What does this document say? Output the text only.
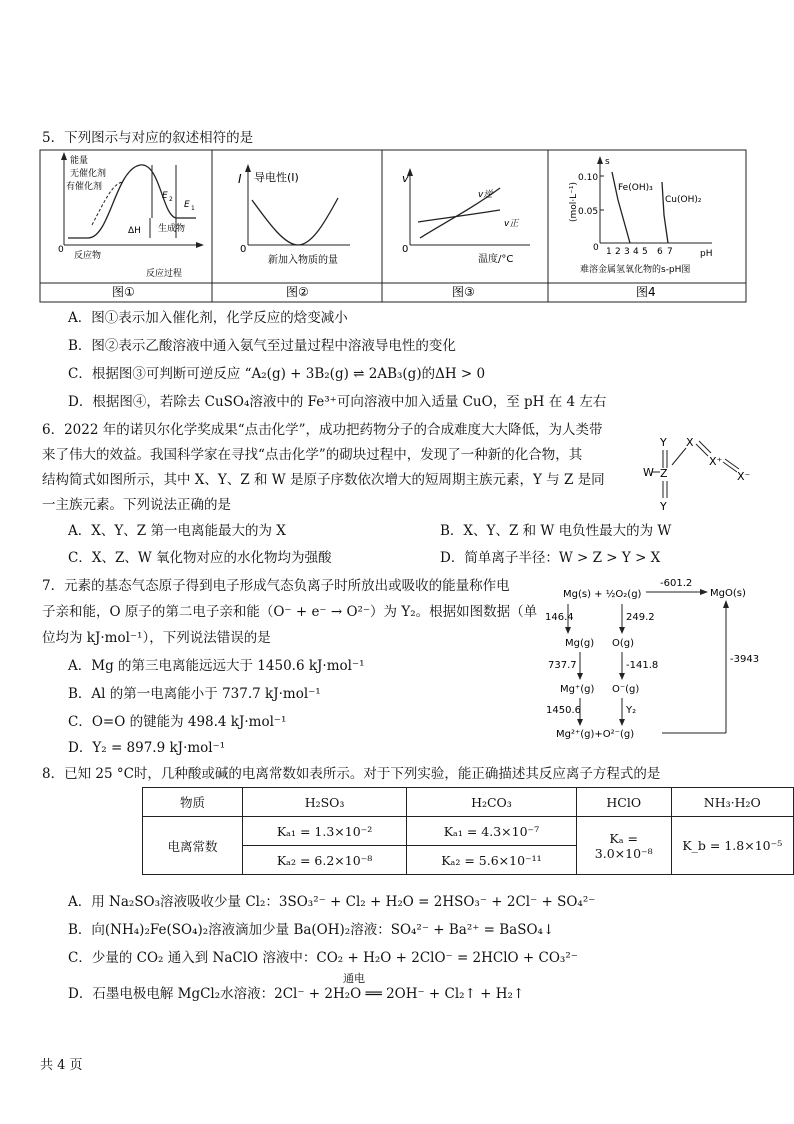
5．下列图示与对应的叙述相符的是
能量
无催化剂
有催化剂
E 2
E 1
ΔH 生成物
反应物
0
反应过程
图①
I 导电性(I)
0
新加入物质的量
图②
v
v逆
v正
0
温度/°C
图③
s
(mol·L⁻¹)
0.10
0.05
Fe(OH)₃
Cu(OH)₂
0 1 2 3 4 5 6 7	pH
难溶金属氢氧化物的s-pH图
图4
Y
W Z
Y
X
X⁺
X⁻
Mg(s) + ½O₂(g)
-601.2
MgO(s)
146.4	249.2
Mg(g) O(g)
737.7	-141.8
Mg⁺(g) O⁻(g)
1450.6	Y₂
Mg²⁺(g)+O²⁻(g)
-3943
A．图①表示加入催化剂，化学反应的焓变减小
B．图②表示乙酸溶液中通入氨气至过量过程中溶液导电性的变化
C．根据图③可判断可逆反应 “A₂(g) + 3B₂(g) ⇌ 2AB₃(g)的ΔH > 0
D．根据图④，若除去 CuSO₄溶液中的 Fe³⁺可向溶液中加入适量 CuO，至 pH 在 4 左右
6．2022 年的诺贝尔化学奖成果“点击化学”，成功把药物分子的合成难度大大降低，为人类带
来了伟大的效益。我国科学家在寻找“点击化学”的砌块过程中，发现了一种新的化合物，其
结构简式如图所示，其中 X、Y、Z 和 W 是原子序数依次增大的短周期主族元素，Y 与 Z 是同
一主族元素。下列说法正确的是
A．X、Y、Z 第一电离能最大的为 X	B．X、Y、Z 和 W 电负性最大的为 W
C．X、Z、W 氧化物对应的水化物均为强酸	D．简单离子半径：W > Z > Y > X
7．元素的基态气态原子得到电子形成气态负离子时所放出或吸收的能量称作电
子亲和能，O 原子的第二电子亲和能（O⁻ + e⁻ → O²⁻）为 Y₂。根据如图数据（单
位均为 kJ·mol⁻¹），下列说法错误的是
A．Mg 的第三电离能远远大于 1450.6 kJ·mol⁻¹
B．Al 的第一电离能小于 737.7 kJ·mol⁻¹
C．O=O 的键能为 498.4 kJ·mol⁻¹
D．Y₂ = 897.9 kJ·mol⁻¹
8．已知 25 °C时，几种酸或碱的电离常数如表所示。对于下列实验，能正确描述其反应离子方程式的是
物质	H₂SO₃	H₂CO₃	HClO	NH₃·H₂O
电离常数	Kₐ₁ = 1.3×10⁻²	Kₐ₁ = 4.3×10⁻⁷	Kₐ = 3.0×10⁻⁸	K_b = 1.8×10⁻⁵
	Kₐ₂ = 6.2×10⁻⁸	Kₐ₂ = 5.6×10⁻¹¹		
A．用 Na₂SO₃溶液吸收少量 Cl₂：3SO₃²⁻ + Cl₂ + H₂O = 2HSO₃⁻ + 2Cl⁻ + SO₄²⁻
B．向(NH₄)₂Fe(SO₄)₂溶液滴加少量 Ba(OH)₂溶液：SO₄²⁻ + Ba²⁺ = BaSO₄↓
C．少量的 CO₂ 通入到 NaClO 溶液中：CO₂ + H₂O + 2ClO⁻ = 2HClO + CO₃²⁻
D．石墨电极电解 MgCl₂水溶液：2Cl⁻ + 2H₂O ══ 2OH⁻ + Cl₂↑ + H₂↑
通电
共 4 页
